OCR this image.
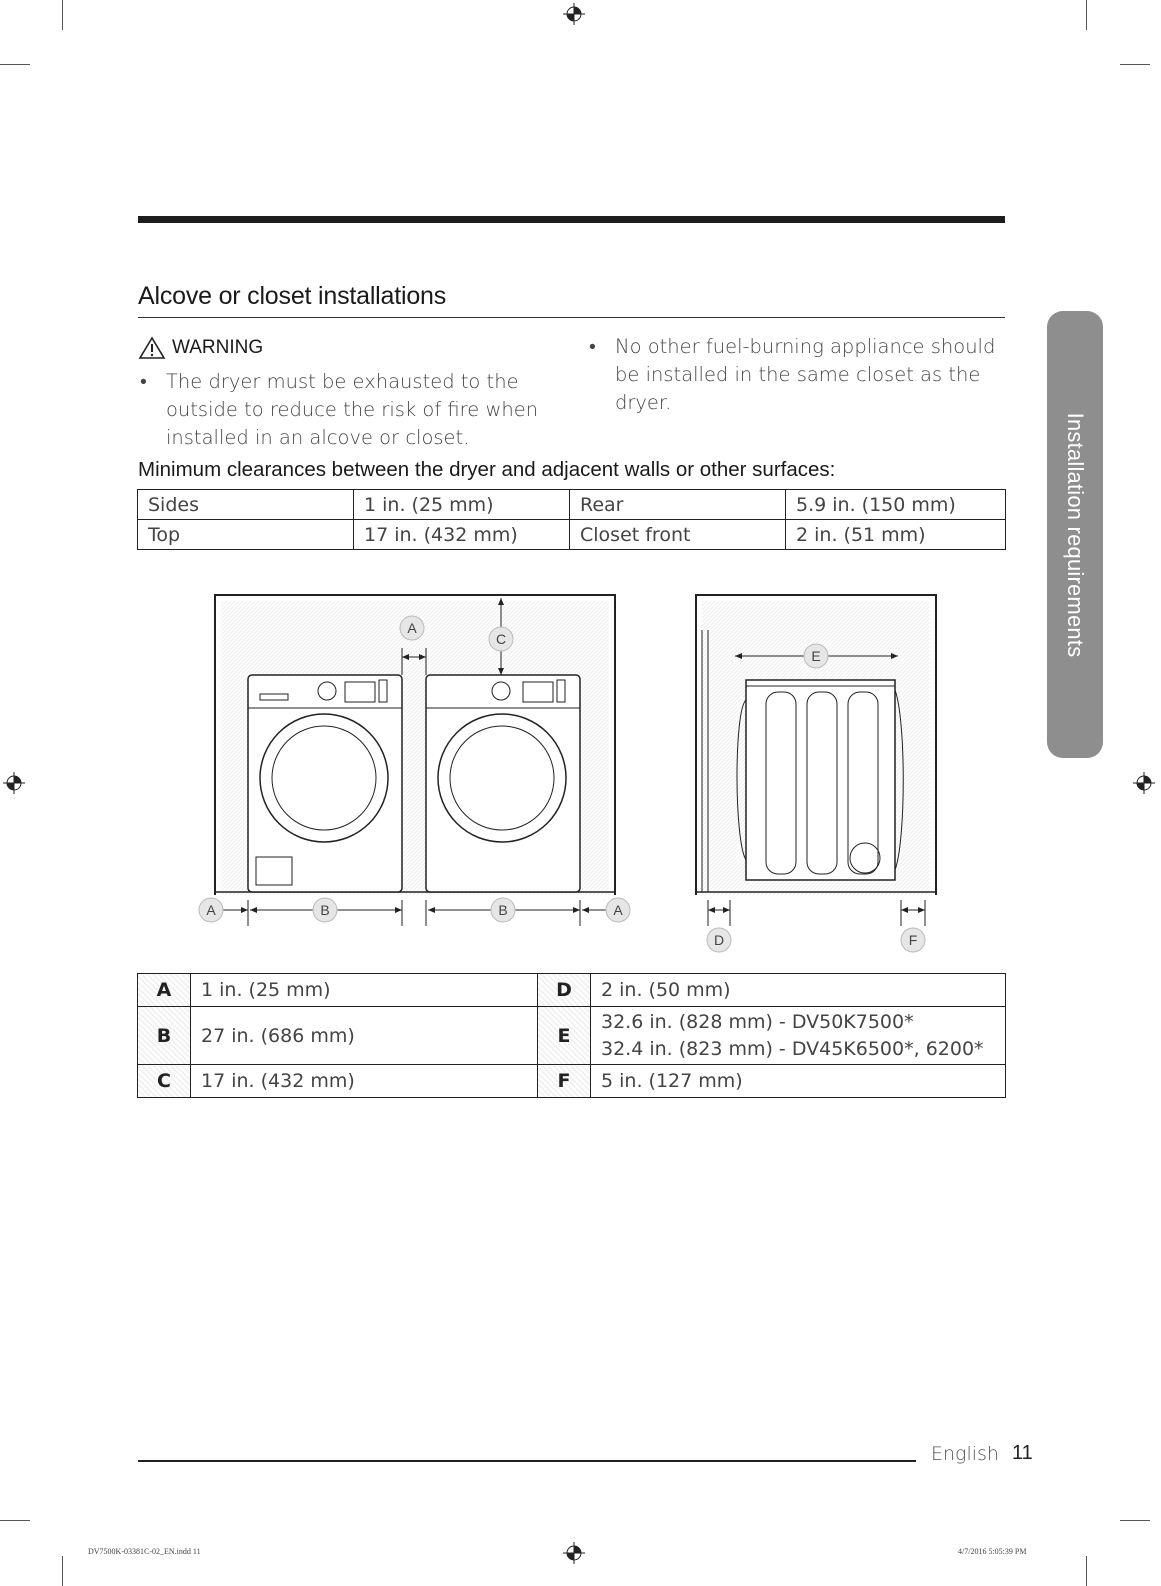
Alcove or closet installations
WARNING
• The dryer must be exhausted to the outside to reduce the risk of fire when installed in an alcove or closet.
• No other fuel-burning appliance should be installed in the same closet as the dryer.
Minimum clearances between the dryer and adjacent walls or other surfaces:
Sides	1 in. (25 mm)	Rear	5.9 in. (150 mm)
Top	17 in. (432 mm)	Closet front	2 in. (51 mm)
A
C
A	B	B	A
E
D	F
A	1 in. (25 mm)	D	2 in. (50 mm)
B	27 in. (686 mm)	E	32.6 in. (828 mm) - DV50K7500*
32.4 in. (823 mm) - DV45K6500*, 6200*

C	17 in. (432 mm)	F	5 in. (127 mm)
Installation requirements
English 11
DV7500K-03381C-02_EN.indd 11	4/7/2016 5:05:39 PM
